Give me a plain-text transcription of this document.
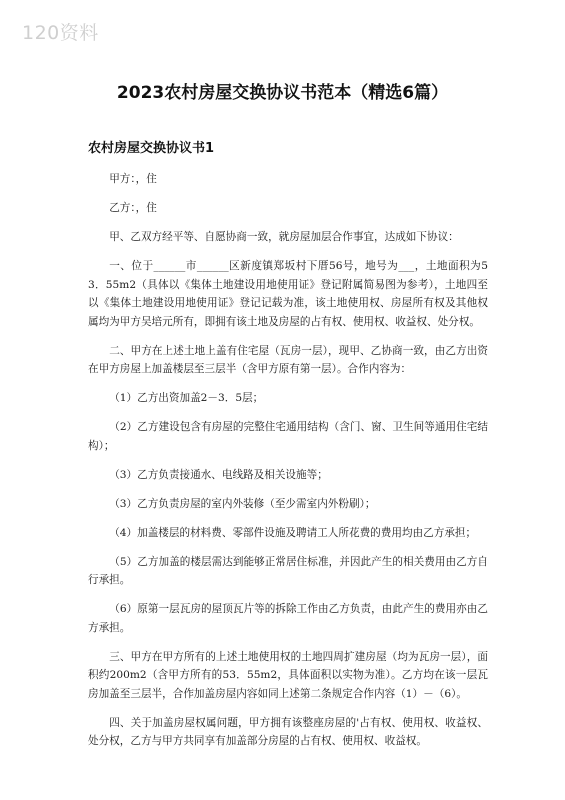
120资料
2023农村房屋交换协议书范本（精选6篇）
农村房屋交换协议书1

甲方：，住

乙方：，住

甲、乙双方经平等、自愿协商一致，就房屋加层合作事宜，达成如下协议：

一、位于______市______区新度镇郑坂村下厝56号，地号为___，土地面积为53．55m2（具体以《集体土地建设用地使用证》登记附属简易图为参考），土地四至以《集体土地建设用地使用证》登记记载为准，该土地使用权、房屋所有权及其他权属均为甲方吴培元所有，即拥有该土地及房屋的占有权、使用权、收益权、处分权。

二、甲方在上述土地上盖有住宅屋（瓦房一层），现甲、乙协商一致，由乙方出资在甲方房屋上加盖楼层至三层半（含甲方原有第一层）。合作内容为：

（1）乙方出资加盖2－3．5层；

（2）乙方建设包含有房屋的完整住宅通用结构（含门、窗、卫生间等通用住宅结构）；

（3）乙方负责接通水、电线路及相关设施等；

（3）乙方负责房屋的室内外装修（至少需室内外粉刷）；

（4）加盖楼层的材料费、零部件设施及聘请工人所花费的费用均由乙方承担；

（5）乙方加盖的楼层需达到能够正常居住标准，并因此产生的相关费用由乙方自行承担。

（6）原第一层瓦房的屋顶瓦片等的拆除工作由乙方负责，由此产生的费用亦由乙方承担。

三、甲方在甲方所有的上述土地使用权的土地四周扩建房屋（均为瓦房一层），面积约200m2（含甲方所有的53．55m2，具体面积以实物为准）。乙方均在该一层瓦房加盖至三层半，合作加盖房屋内容如同上述第二条规定合作内容（1）－（6）。

四、关于加盖房屋权属问题，甲方拥有该整座房屋的'占有权、使用权、收益权、处分权，乙方与甲方共同享有加盖部分房屋的占有权、使用权、收益权。
